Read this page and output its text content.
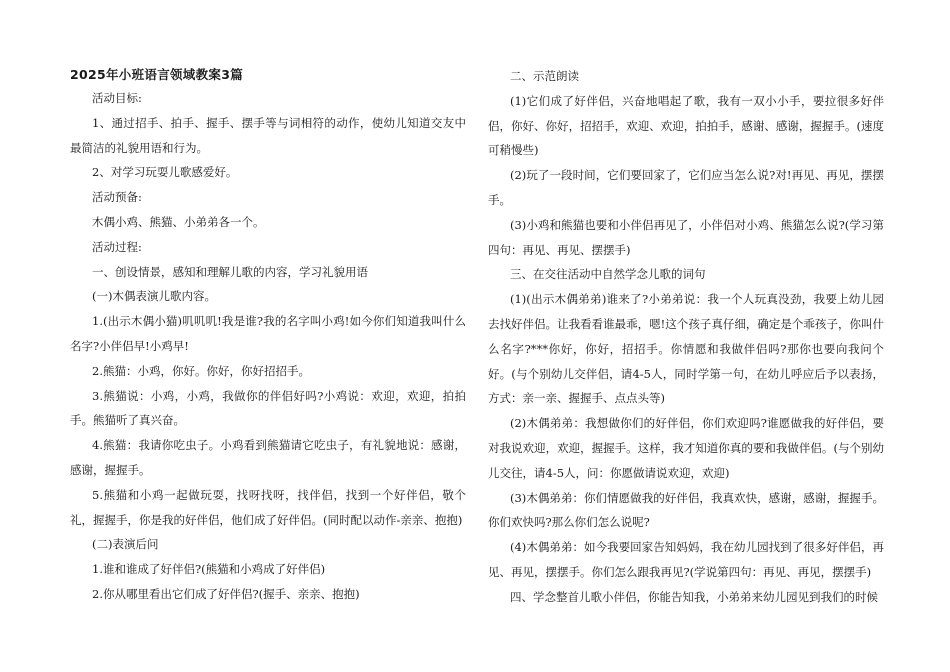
2025年小班语言领域教案3篇

活动目标:

1、通过招手、拍手、握手、摆手等与词相符的动作，使幼儿知道交友中最简洁的礼貌用语和行为。

2、对学习玩耍儿歌感爱好。

活动预备:

木偶小鸡、熊猫、小弟弟各一个。

活动过程:

一、创设情景，感知和理解儿歌的内容，学习礼貌用语

(一)木偶表演儿歌内容。

1.(出示木偶小猫)叽叽叽!我是谁?我的名字叫小鸡!如今你们知道我叫什么名字?小伴侣早!小鸡早!

2.熊猫：小鸡，你好。你好，你好招招手。

3.熊猫说：小鸡，小鸡，我做你的伴侣好吗?小鸡说：欢迎，欢迎，拍拍手。熊猫听了真兴奋。

4.熊猫：我请你吃虫子。小鸡看到熊猫请它吃虫子，有礼貌地说：感谢，感谢，握握手。

5.熊猫和小鸡一起做玩耍，找呀找呀，找伴侣，找到一个好伴侣，敬个礼，握握手，你是我的好伴侣，他们成了好伴侣。(同时配以动作-亲亲、抱抱)

(二)表演后问

1.谁和谁成了好伴侣?(熊猫和小鸡成了好伴侣)

2.你从哪里看出它们成了好伴侣?(握手、亲亲、抱抱)

二、示范朗读

(1)它们成了好伴侣，兴奋地唱起了歌，我有一双小小手，要拉很多好伴侣，你好、你好，招招手，欢迎、欢迎，拍拍手，感谢、感谢，握握手。(速度可稍慢些)

(2)玩了一段时间，它们要回家了，它们应当怎么说?对!再见、再见，摆摆手。

(3)小鸡和熊猫也要和小伴侣再见了，小伴侣对小鸡、熊猫怎么说?(学习第四句：再见、再见、摆摆手)

三、在交往活动中自然学念儿歌的词句

(1)(出示木偶弟弟)谁来了?小弟弟说：我一个人玩真没劲，我要上幼儿园去找好伴侣。让我看看谁最乖，嗯!这个孩子真仔细，确定是个乖孩子，你叫什么名字?***你好，你好，招招手。你情愿和我做伴侣吗?那你也要向我问个好。(与个别幼儿交伴侣，请4-5人，同时学第一句，在幼儿呼应后予以表扬，方式：亲一亲、握握手、点点头等)

(2)木偶弟弟：我想做你们的好伴侣，你们欢迎吗?谁愿做我的好伴侣，要对我说欢迎，欢迎，握握手。这样，我才知道你真的要和我做伴侣。(与个别幼儿交往，请4-5人，问：你愿做请说欢迎，欢迎)

(3)木偶弟弟：你们情愿做我的好伴侣，我真欢快，感谢，感谢，握握手。你们欢快吗?那么你们怎么说呢?

(4)木偶弟弟：如今我要回家告知妈妈，我在幼儿园找到了很多好伴侣，再见、再见，摆摆手。你们怎么跟我再见?(学说第四句：再见、再见，摆摆手)

四、学念整首儿歌小伴侣，你能告知我，小弟弟来幼儿园见到我们的时候
